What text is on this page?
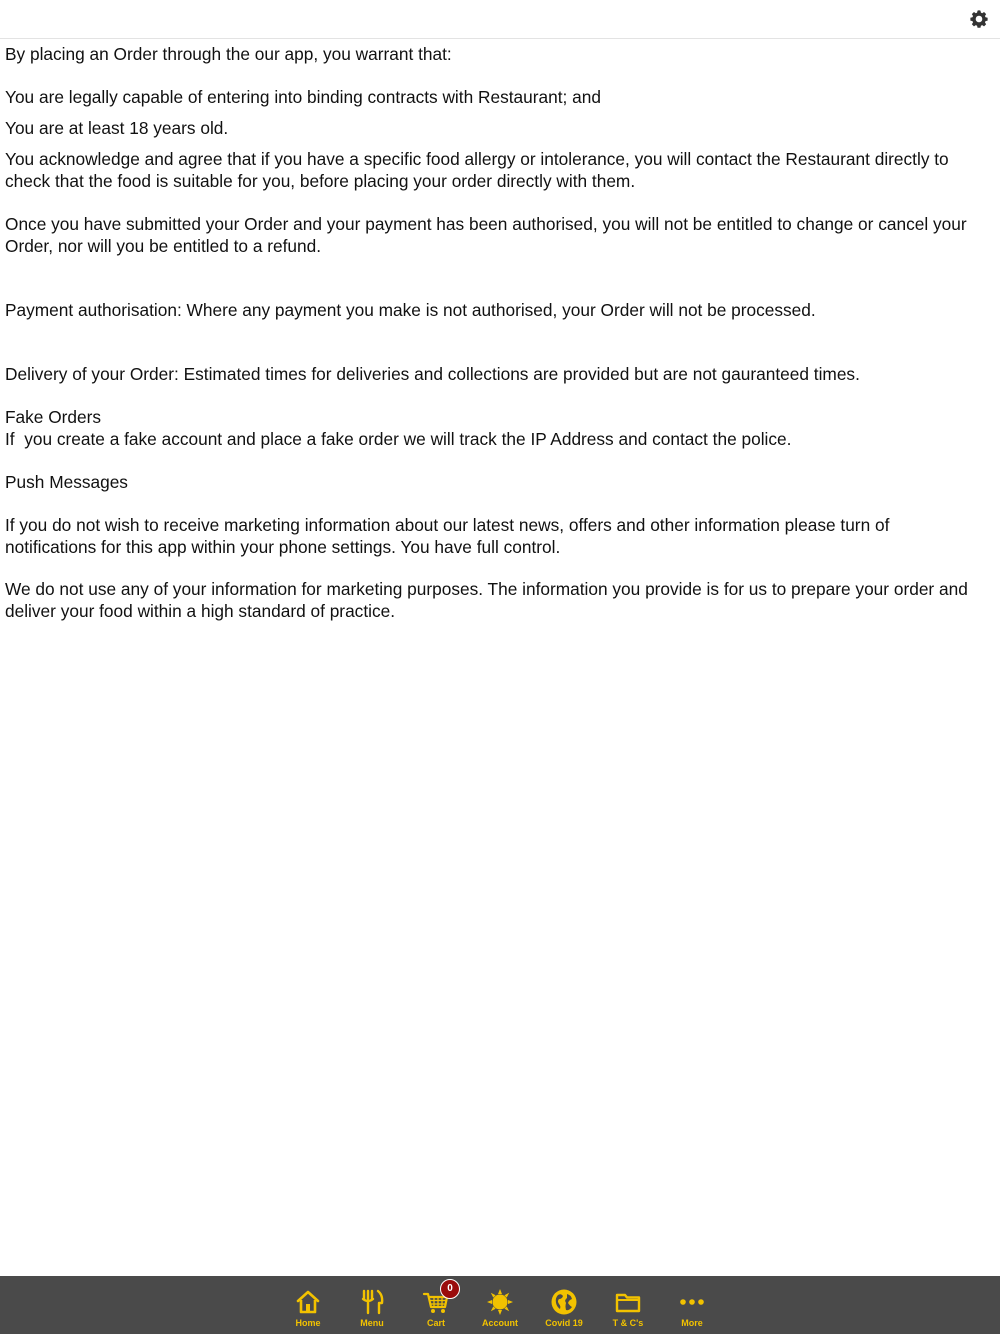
By placing an Order through the our app, you warrant that:

You are legally capable of entering into binding contracts with Restaurant; and

You are at least 18 years old.

You acknowledge and agree that if you have a specific food allergy or intolerance, you will contact the Restaurant directly to check that the food is suitable for you, before placing your order directly with them.

Once you have submitted your Order and your payment has been authorised, you will not be entitled to change or cancel your Order, nor will you be entitled to a refund.

Payment authorisation: Where any payment you make is not authorised, your Order will not be processed.

Delivery of your Order: Estimated times for deliveries and collections are provided but are not gauranteed times.

Fake Orders

If  you create a fake account and place a fake order we will track the IP Address and contact the police.

Push Messages

If you do not wish to receive marketing information about our latest news, offers and other information please turn of notifications for this app within your phone settings. You have full control.

We do not use any of your information for marketing purposes. The information you provide is for us to prepare your order and deliver your food within a high standard of practice.

Home	Menu
0
Cart	Account	Covid 19	T & C's	More
